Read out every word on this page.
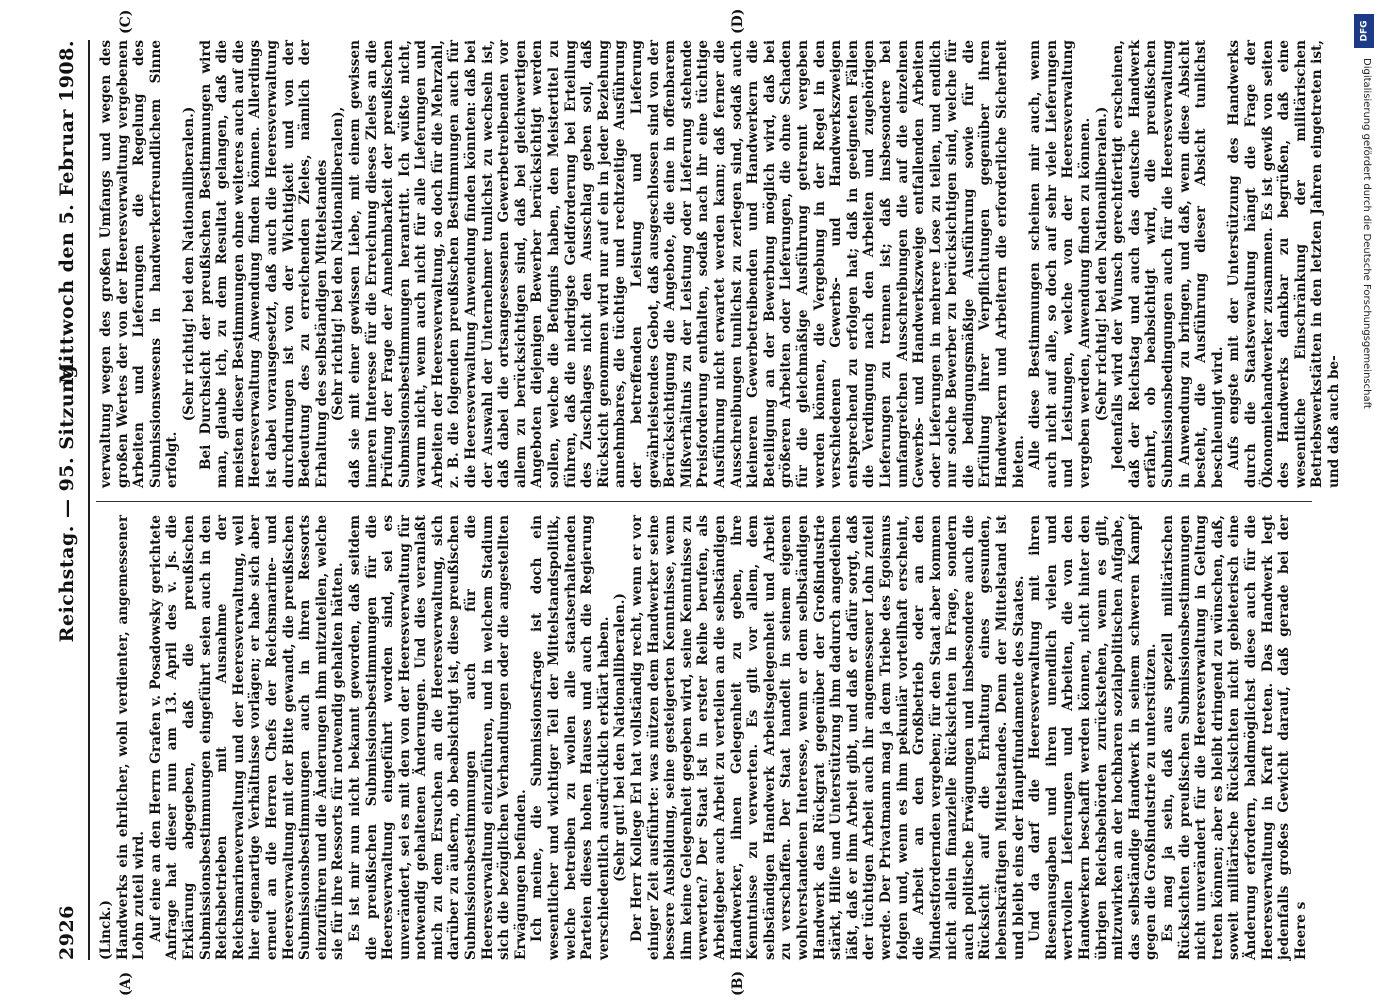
2926
Reichstag. — 95. Sitzung.
Mittwoch den 5. Februar 1908.
(A)	(B)
(C)	(D)

(Linck.) Handwerks ein ehrlicher, wohl verdienter, angemessener Lohn zuteil wird. Auf eine an den Herrn Grafen v. Posadowsky gerichtete Anfrage hat dieser nun am 13. April des v. Js. die Erklärung abgegeben, daß die preußischen Submissionsbestimmungen eingeführt seien auch in den Reichsbetrieben mit Ausnahme der Reichsmarineverwaltung und der Heeresverwaltung, weil hier eigenartige Verhältnisse vorlägen; er habe sich aber erneut an die Herren Chefs der Reichsmarine- und Heeresverwaltung mit der Bitte gewandt, die preußischen Submissionsbestimmungen auch in ihren Ressorts einzuführen und die Änderungen ihm mitzuteilen, welche sie für ihre Ressorts für notwendig gehalten hätten. Es ist mir nun nicht bekannt geworden, daß seitdem die preußischen Submissionsbestimmungen für die Heeresverwaltung eingeführt worden sind, sei es unverändert, sei es mit den von der Heeresverwaltung für notwendig gehaltenen Änderungen. Und dies veranlaßt mich zu dem Ersuchen an die Heeresverwaltung, sich darüber zu äußern, ob beabsichtigt ist, diese preußischen Submissionsbestimmungen auch für die Heeresverwaltung einzuführen, und in welchem Stadium sich die bezüglichen Verhandlungen oder die angestellten Erwägungen befinden. Ich meine, die Submissionsfrage ist doch ein wesentlicher und wichtiger Teil der Mittelstandspolitik, welche betreiben zu wollen alle staatserhaltenden Parteien dieses hohen Hauses und auch die Regierung verschiedentlich ausdrücklich erklärt haben. (Sehr gut! bei den Nationalliberalen.) Der Herr Kollege Erl hat vollständig recht, wenn er vor einiger Zeit ausführte: was nützen dem Handwerker seine bessere Ausbildung, seine gesteigerten Kenntnisse, wenn ihm keine Gelegenheit gegeben wird, seine Kenntnisse zu verwerten? Der Staat ist in erster Reihe berufen, als Arbeitgeber auch Arbeit zu verteilen an die selbständigen Handwerker, ihnen Gelegenheit zu geben, ihre Kenntnisse zu verwerten. Es gilt vor allem, dem selbständigen Handwerk Arbeitsgelegenheit und Arbeit zu verschaffen. Der Staat handelt in seinem eigenen wohlverstandenen Interesse, wenn er dem selbständigen Handwerk das Rückgrat gegenüber der Großindustrie stärkt, Hilfe und Unterstützung ihm dadurch angedeihen läßt, daß er ihm Arbeit gibt, und daß er dafür sorgt, daß der tüchtigen Arbeit auch ihr angemessener Lohn zuteil werde. Der Privatmann mag ja dem Triebe des Egoismus folgen und, wenn es ihm pekuniär vorteilhaft erscheint, die Arbeit an den Großbetrieb oder an den Mindestfordernden vergeben; für den Staat aber kommen nicht allein finanzielle Rücksichten in Frage, sondern auch politische Erwägungen und insbesondere auch die Rücksicht auf die Erhaltung eines gesunden, lebenskräftigen Mittelstandes. Denn der Mittelstand ist und bleibt eins der Hauptfundamente des Staates. Und da darf die Heeresverwaltung mit ihren Riesenausgaben und ihren unendlich vielen und wertvollen Lieferungen und Arbeiten, die von den Handwerkern beschafft werden können, nicht hinter den übrigen Reichsbehörden zurückstehen, wenn es gilt, mitzuwirken an der hochbaren sozialpolitischen Aufgabe, das selbständige Handwerk in seinem schweren Kampf gegen die Großindustrie zu unterstützen. Es mag ja sein, daß aus speziell militärischen Rücksichten die preußischen Submissionsbestimmungen nicht unverändert für die Heeresverwaltung in Geltung treten können; aber es bleibt dringend zu wünschen, daß, soweit militärische Rücksichten nicht gebieterisch eine Änderung erfordern, baldmöglichst diese auch für die Heeresverwaltung in Kraft treten. Das Handwerk legt jedenfalls großes Gewicht darauf, daß gerade bei der Heere s

verwaltung wegen des großen Umfangs und wegen des großen Wertes der von der Heeresverwaltung vergebenen Arbeiten und Lieferungen die Regelung des Submissionswesens in handwerkerfreundlichem Sinne erfolgt.

(Sehr richtig! bei den Nationalliberalen.) Bei Durchsicht der preußischen Bestimmungen wird man, glaube ich, zu dem Resultat gelangen, daß die meisten dieser Bestimmungen ohne weiteres auch auf die Heeresverwaltung Anwendung finden können. Allerdings ist dabei vorausgesetzt, daß auch die Heeresverwaltung durchdrungen ist von der Wichtigkeit und von der Bedeutung des zu erreichenden Zieles, nämlich der Erhaltung des selbständigen Mittelstandes (Sehr richtig! bei den Nationalliberalen), daß sie mit einer gewissen Liebe, mit einem gewissen inneren Interesse für die Erreichung dieses Zieles an die Prüfung der Frage der Annehmbarkeit der preußischen Submissionsbestimmungen herantritt. Ich wüßte nicht, warum nicht, wenn auch nicht für alle Lieferungen und Arbeiten der Heeresverwaltung, so doch für die Mehrzahl, z. B. die folgenden preußischen Bestimmungen auch für die Heeresverwaltung Anwendung finden könnten: daß bei der Auswahl der Unternehmer tunlichst zu wechseln ist, daß dabei die ortsangesessenen Gewerbetreibenden vor allem zu berücksichtigen sind, daß bei gleichwertigen Angeboten diejenigen Bewerber berücksichtigt werden sollen, welche die Befugnis haben, den Meistertitel zu führen, daß die niedrigste Geldforderung bei Erteilung des Zuschlages nicht den Ausschlag geben soll, daß Rücksicht genommen wird nur auf ein in jeder Beziehung annehmbares, die tüchtige und rechtzeitige Ausführung der betreffenden Leistung und Lieferung gewährleistendes Gebot, daß ausgeschlossen sind von der Berücksichtigung die Angebote, die eine in offenbarem Mißverhältnis zu der Leistung oder Lieferung stehende Preisforderung enthalten, sodaß nach ihr eine tüchtige Ausführung nicht erwartet werden kann; daß ferner die Ausschreibungen tunlichst zu zerlegen sind, sodaß auch kleineren Gewerbetreibenden und Handwerkern die Beteiligung an der Bewerbung möglich wird, daß bei größeren Arbeiten oder Lieferungen, die ohne Schaden für die gleichmäßige Ausführung getrennt vergeben werden können, die Vergebung in der Regel in den verschiedenen Gewerbs- und Handwerkszweigen entsprechend zu erfolgen hat; daß in geeigneten Fällen die Verdingung nach den Arbeiten und zugehörigen Lieferungen zu trennen ist; daß insbesondere bei umfangreichen Ausschreibungen die auf die einzelnen Gewerbs- und Handwerkszweige entfallenden Arbeiten oder Lieferungen in mehrere Lose zu teilen, und endlich nur solche Bewerber zu berücksichtigen sind, welche für die bedingungsmäßige Ausführung sowie für die Erfüllung ihrer Verpflichtungen gegenüber ihren Handwerkern und Arbeitern die erforderliche Sicherheit bieten. Alle diese Bestimmungen scheinen mir auch, wenn auch nicht auf alle, so doch auf sehr viele Lieferungen und Leistungen, welche von der Heeresverwaltung vergeben werden, Anwendung finden zu können. (Sehr richtig! bei den Nationalliberalen.) Jedenfalls wird der Wunsch gerechtfertigt erscheinen, daß der Reichstag und auch das deutsche Handwerk erfährt, ob beabsichtigt wird, die preußischen Submissionsbedingungen auch für die Heeresverwaltung in Anwendung zu bringen, und daß, wenn diese Absicht besteht, die Ausführung dieser Absicht tunlichst beschleunigt wird. Aufs engste mit der Unterstützung des Handwerks durch die Staatsverwaltung hängt die Frage der Ökonomiehandwerker zusammen. Es ist gewiß von seiten des Handwerks dankbar zu begrüßen, daß eine wesentliche Einschränkung der militärischen Betriebswerkstätten in den letzten Jahren eingetreten ist, und daß auch be-

DFG
Digitalisierung gefördert durch die Deutsche Forschungsgemeinschaft
